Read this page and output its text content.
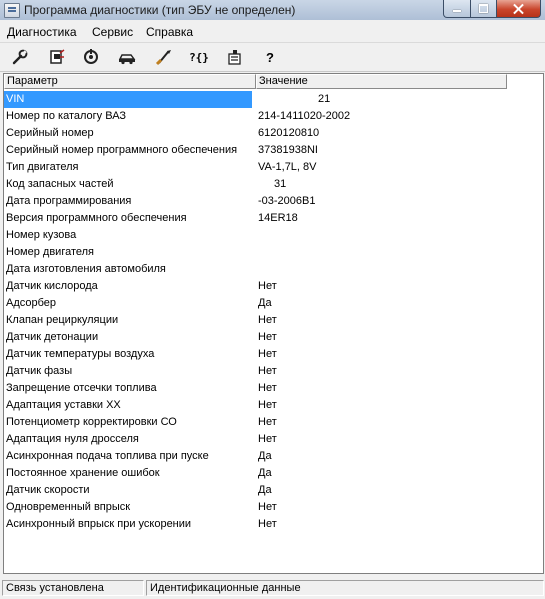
Программа диагностики (тип ЭБУ не определен)
Диагностика Сервис Справка
?{}	?
Параметр	Значение
VIN	21
Номер по каталогу ВАЗ	214-1411020-2002
Серийный номер	6120120810
Серийный номер программного обеспечения 37381938NI
Тип двигателя	VA-1,7L, 8V
Код запасных частей	31
Дата программирования	-03-2006B1
Версия программного обеспечения	14ER18
Номер кузова
Номер двигателя
Дата изготовления автомобиля
Датчик кислорода	Нет
Адсорбер	Да
Клапан рециркуляции	Нет
Датчик детонации	Нет
Датчик температуры воздуха	Нет
Датчик фазы	Нет
Запрещение отсечки топлива	Нет
Адаптация уставки ХХ	Нет
Потенциометр корректировки СО	Нет
Адаптация нуля дросселя	Нет
Асинхронная подача топлива при пуске	Да
Постоянное хранение ошибок	Да
Датчик скорости	Да
Одновременный впрыск	Нет
Асинхронный впрыск при ускорении	Нет
Связь установлена	Идентификационные данные
